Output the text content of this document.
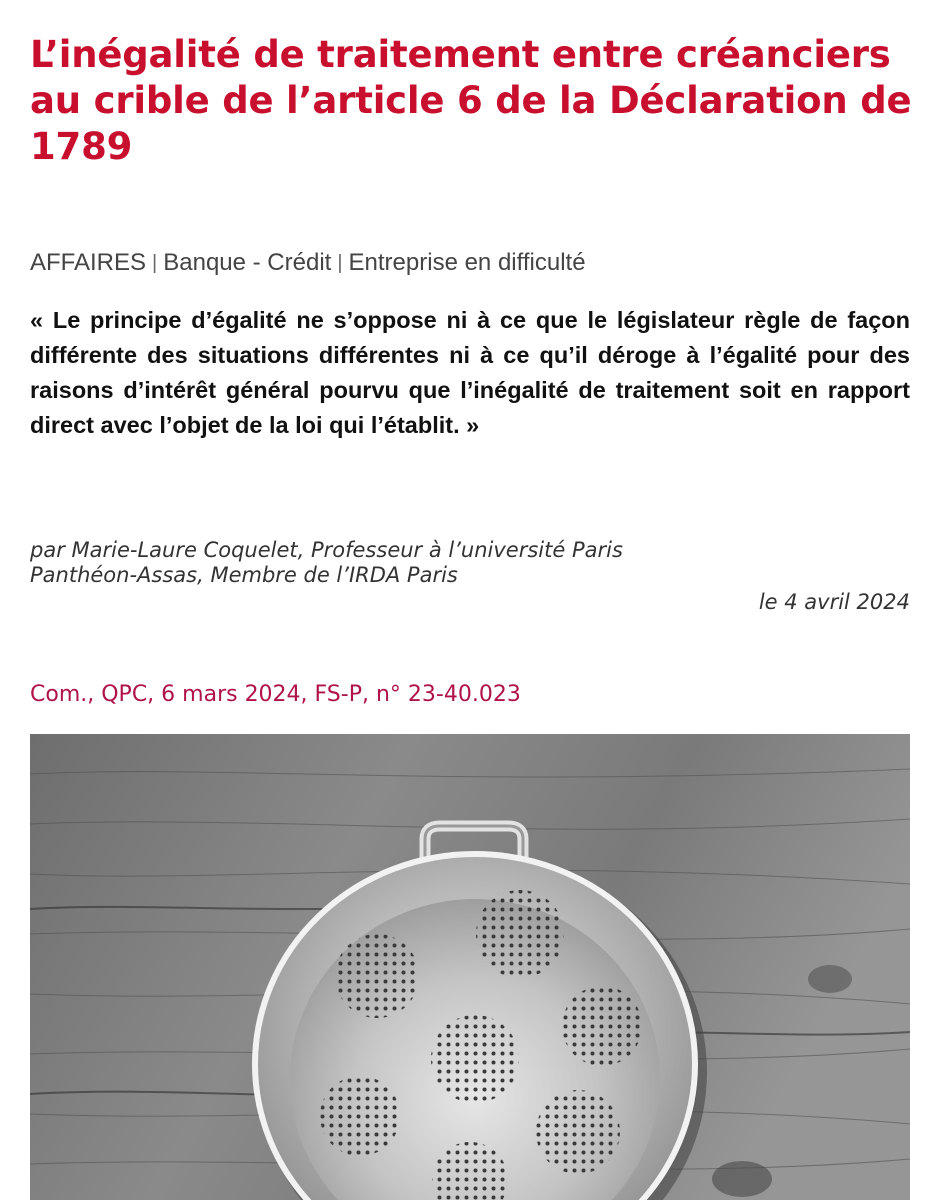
L’inégalité de traitement entre créanciers au crible de l’article 6 de la Déclaration de 1789
AFFAIRES | Banque - Crédit | Entreprise en difficulté

« Le principe d’égalité ne s’oppose ni à ce que le législateur règle de façon différente des situations différentes ni à ce qu’il déroge à l’égalité pour des raisons d’intérêt général pourvu que l’inégalité de traitement soit en rapport direct avec l’objet de la loi qui l’établit. »

par Marie-Laure Coquelet, Professeur à l’université Paris
Panthéon-Assas, Membre de l’IRDA Paris
le 4 avril 2024
Com., QPC, 6 mars 2024, FS-P, n° 23-40.023
